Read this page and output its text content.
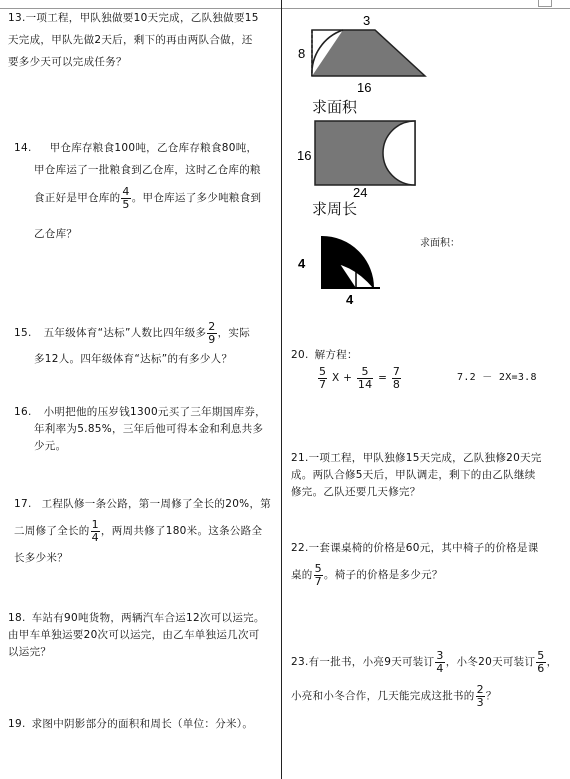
13.一项工程，甲队独做要10天完成，乙队独做要15
天完成，甲队先做2天后，剩下的再由两队合做，还
要多少天可以完成任务？
14. 甲仓库存粮食100吨，乙仓库存粮食80吨，
甲仓库运了一批粮食到乙仓库，这时乙仓库的粮
食正好是甲仓库的 $\frac{4}{5}$ 。甲仓库运了多少吨粮食到
乙仓库？
15. 五年级体育“达标”人数比四年级多 $\frac{2}{9}$ ，实际
多12人。四年级体育“达标”的有多少人？
16. 小明把他的压岁钱1300元买了三年期国库券，
年利率为5.85%，三年后他可得本金和利息共多
少元。
17. 工程队修一条公路，第一周修了全长的20%，第
二周修了全长的 $\frac{1}{4}$ ，两周共修了180米。这条公路全
长多少米？
18. 车站有90吨货物，两辆汽车合运12次可以运完。
由甲车单独运要20次可以运完，由乙车单独运几次可
以运完？
19. 求图中阴影部分的面积和周长（单位：分米）。
3
8
16
求面积
16
24
求周长
4
4
求面积：
20. 解方程：
$\frac{5}{7}$ $X + \frac{5}{14} = \frac{7}{8}$	7.2 － 2X=3.8
21.一项工程，甲队独修15天完成，乙队独修20天完
成。两队合修5天后，甲队调走，剩下的由乙队继续
修完。乙队还要几天修完？
22.一套课桌椅的价格是60元，其中椅子的价格是课
桌的 $\frac{5}{7}$ 。椅子的价格是多少元？
23.有一批书，小亮9天可装订 $\frac{3}{4}$ ，小冬20天可装订 $\frac{5}{6}$ ，
小亮和小冬合作，几天能完成这批书的 $\frac{2}{3}$ ？
